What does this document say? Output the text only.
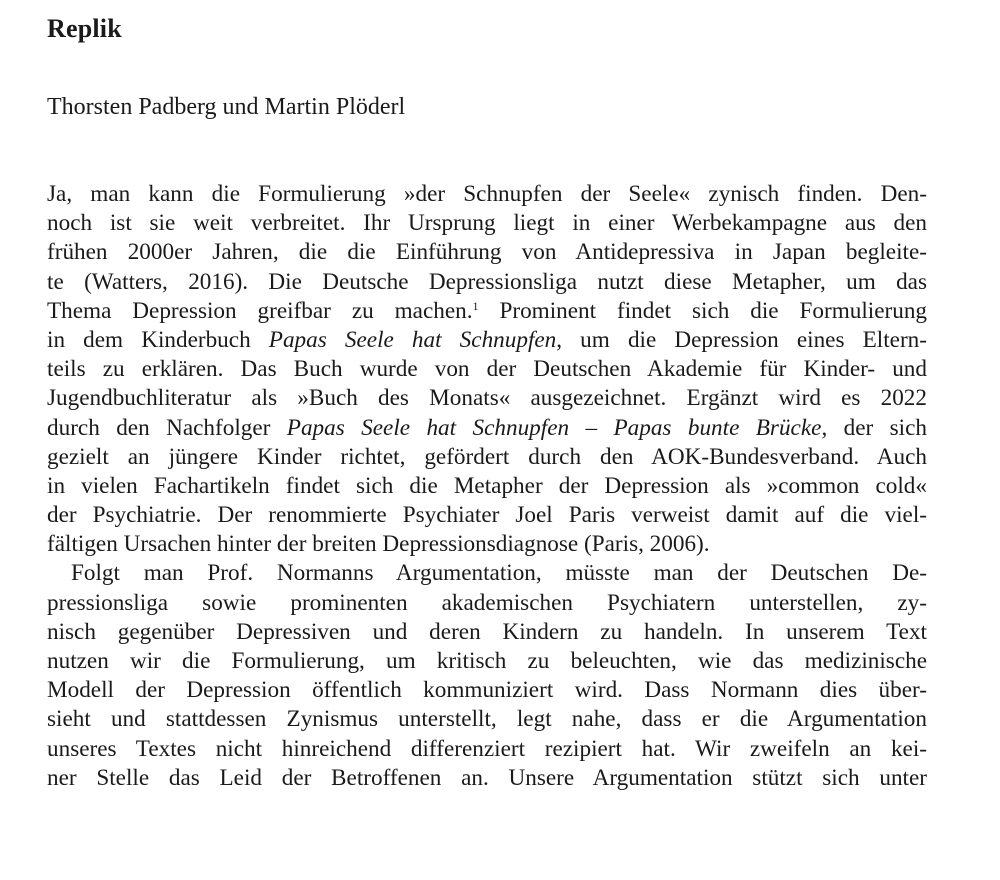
Replik
Thorsten Padberg und Martin Plöderl
Ja, man kann die Formulierung »der Schnupfen der Seele« zynisch finden. Den-
noch ist sie weit verbreitet. Ihr Ursprung liegt in einer Werbekampagne aus den
frühen 2000er Jahren, die die Einführung von Antidepressiva in Japan begleite-
te (Watters, 2016). Die Deutsche Depressionsliga nutzt diese Metapher, um das
Thema Depression greifbar zu machen.$^1$ Prominent findet sich die Formulierung
in dem Kinderbuch Papas Seele hat Schnupfen, um die Depression eines Eltern-
teils zu erklären. Das Buch wurde von der Deutschen Akademie für Kinder- und
Jugendbuchliteratur als »Buch des Monats« ausgezeichnet. Ergänzt wird es 2022
durch den Nachfolger Papas Seele hat Schnupfen – Papas bunte Brücke, der sich
gezielt an jüngere Kinder richtet, gefördert durch den AOK-Bundesverband. Auch
in vielen Fachartikeln findet sich die Metapher der Depression als »common cold«
der Psychiatrie. Der renommierte Psychiater Joel Paris verweist damit auf die viel-
fältigen Ursachen hinter der breiten Depressionsdiagnose (Paris, 2006).
Folgt man Prof. Normanns Argumentation, müsste man der Deutschen De-
pressionsliga sowie prominenten akademischen Psychiatern unterstellen, zy-
nisch gegenüber Depressiven und deren Kindern zu handeln. In unserem Text
nutzen wir die Formulierung, um kritisch zu beleuchten, wie das medizinische
Modell der Depression öffentlich kommuniziert wird. Dass Normann dies über-
sieht und stattdessen Zynismus unterstellt, legt nahe, dass er die Argumentation
unseres Textes nicht hinreichend differenziert rezipiert hat. Wir zweifeln an kei-
ner Stelle das Leid der Betroffenen an. Unsere Argumentation stützt sich unter
